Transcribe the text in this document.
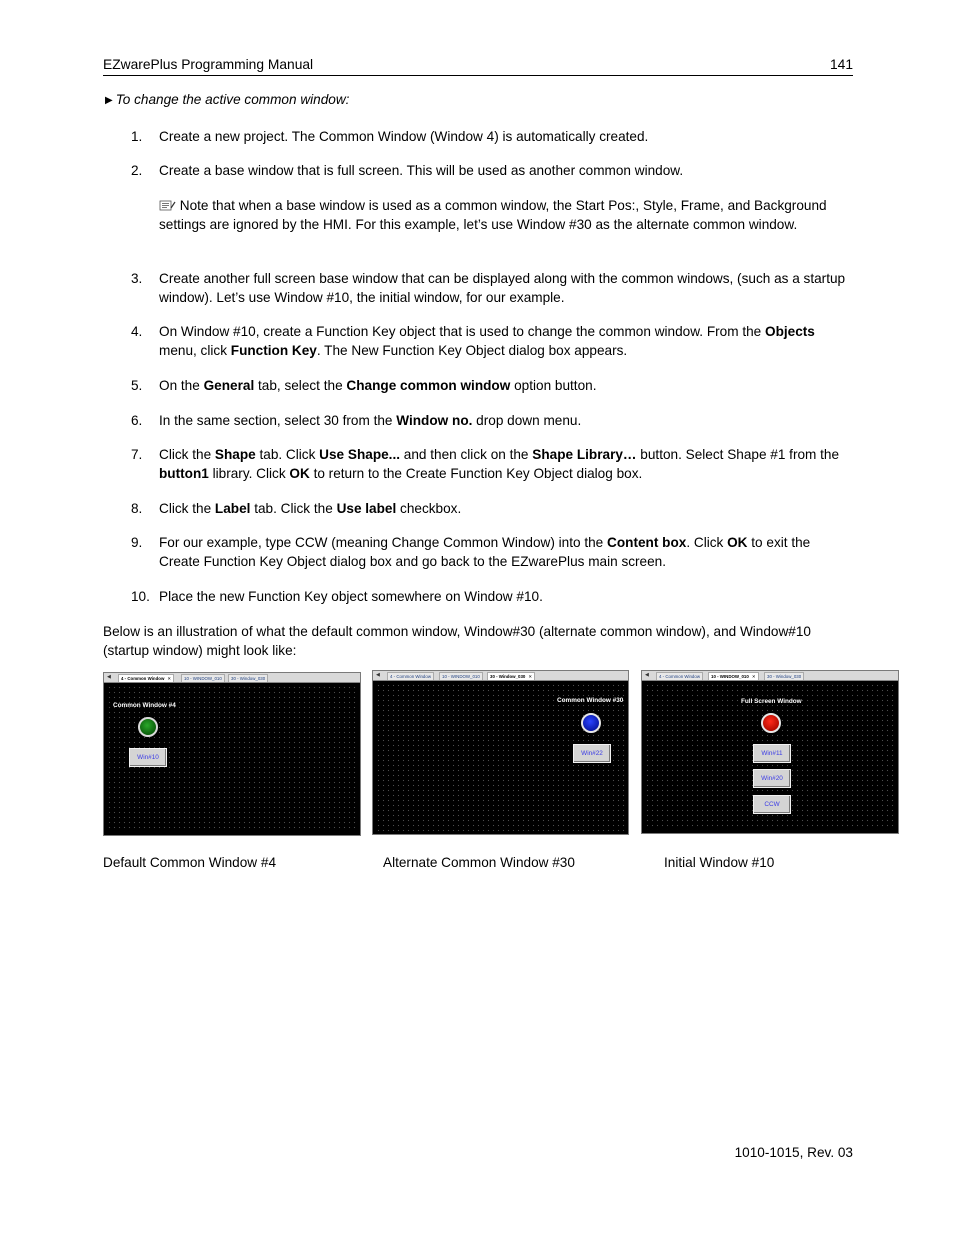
EZwarePlus Programming Manual	141
▶ To change the active common window:
1.	Create a new project. The Common Window (Window 4) is automatically created.
2.	Create a base window that is full screen. This will be used as another common window.
Note that when a base window is used as a common window, the Start Pos:, Style, Frame, and Background settings are ignored by the HMI. For this example, let’s use Window #30 as the alternate common window.
3.	Create another full screen base window that can be displayed along with the common windows, (such as a startup window). Let’s use Window #10, the initial window, for our example.
4.	On Window #10, create a Function Key object that is used to change the common window. From the Objects menu, click Function Key. The New Function Key Object dialog box appears.
5.	On the General tab, select the Change common window option button.
6.	In the same section, select 30 from the Window no. drop down menu.
7.	Click the Shape tab. Click Use Shape... and then click on the Shape Library… button. Select Shape #1 from the button1 library. Click OK to return to the Create Function Key Object dialog box.
8.	Click the Label tab. Click the Use label checkbox.
9.	For our example, type CCW (meaning Change Common Window) into the Content box. Click OK to exit the Create Function Key Object dialog box and go back to the EZwarePlus main screen.
10. Place the new Function Key object somewhere on Window #10.
Below is an illustration of what the default common window, Window#30 (alternate common window), and Window#10 (startup window) might look like:
◀	4 - Common Window ✕	10 - WINDOW_010	30 - Window_030
Common Window #4
Win#10
◀	4 - Common Window	10 - WINDOW_010	30 - Window_030 ✕
Common Window #30
Win#22
◀	4 - Common Window	10 - WINDOW_010 ✕	30 - Window_030
Full Screen Window
Win#11
Win#20
CCW
Default Common Window #4	Alternate Common Window #30	Initial Window #10
1010-1015, Rev. 03
